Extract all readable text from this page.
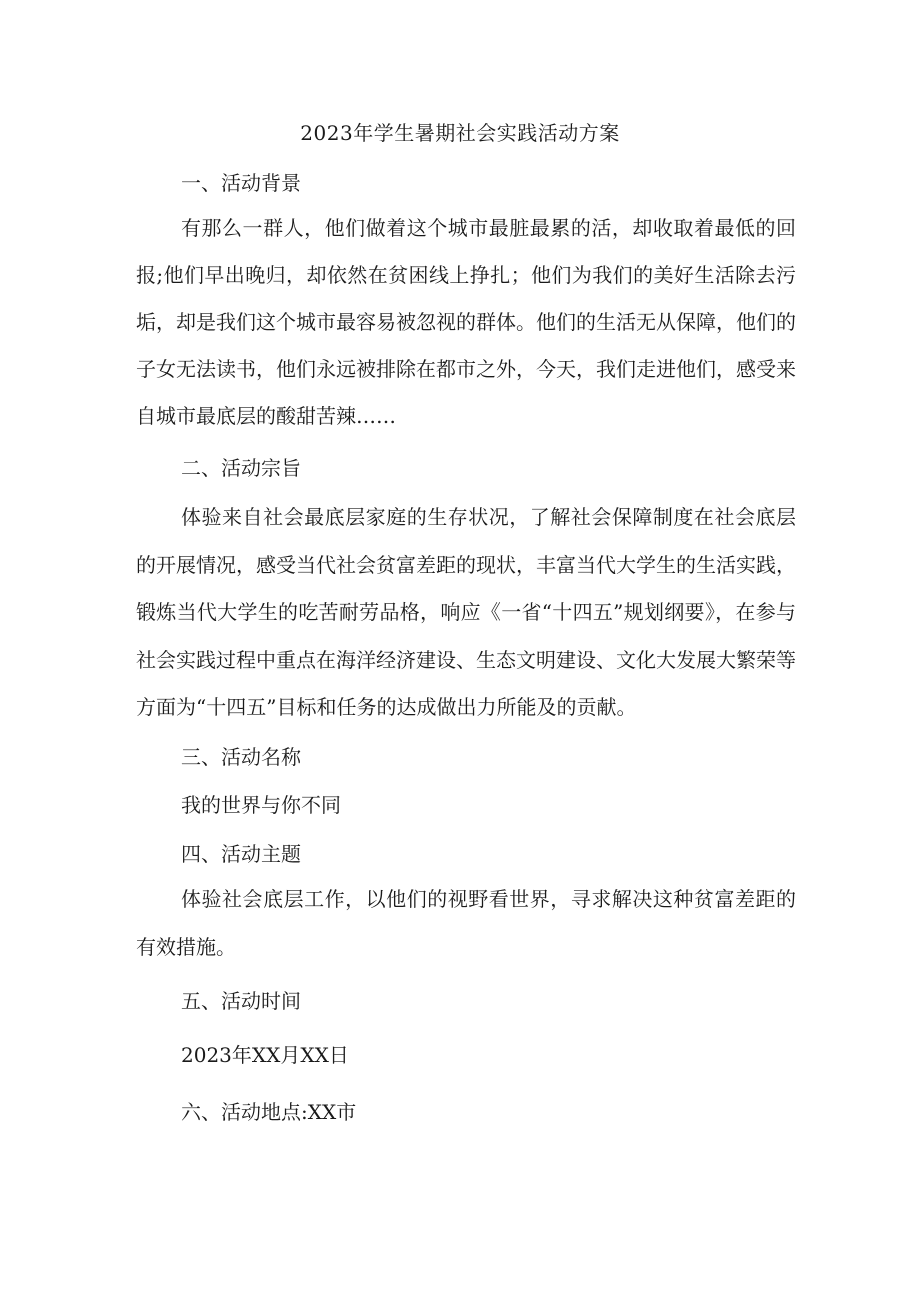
2023年学生暑期社会实践活动方案
一、活动背景
有那么一群人，他们做着这个城市最脏最累的活，却收取着最低的回报;他们早出晚归，却依然在贫困线上挣扎；他们为我们的美好生活除去污垢，却是我们这个城市最容易被忽视的群体。他们的生活无从保障，他们的子女无法读书，他们永远被排除在都市之外，今天，我们走进他们，感受来自城市最底层的酸甜苦辣……
二、活动宗旨
体验来自社会最底层家庭的生存状况，了解社会保障制度在社会底层的开展情况，感受当代社会贫富差距的现状，丰富当代大学生的生活实践，锻炼当代大学生的吃苦耐劳品格，响应《一省“十四五”规划纲要》，在参与社会实践过程中重点在海洋经济建设、生态文明建设、文化大发展大繁荣等方面为“十四五”目标和任务的达成做出力所能及的贡献。
三、活动名称
我的世界与你不同
四、活动主题
体验社会底层工作，以他们的视野看世界，寻求解决这种贫富差距的有效措施。
五、活动时间
2023年XX月XX日
六、活动地点:XX市
